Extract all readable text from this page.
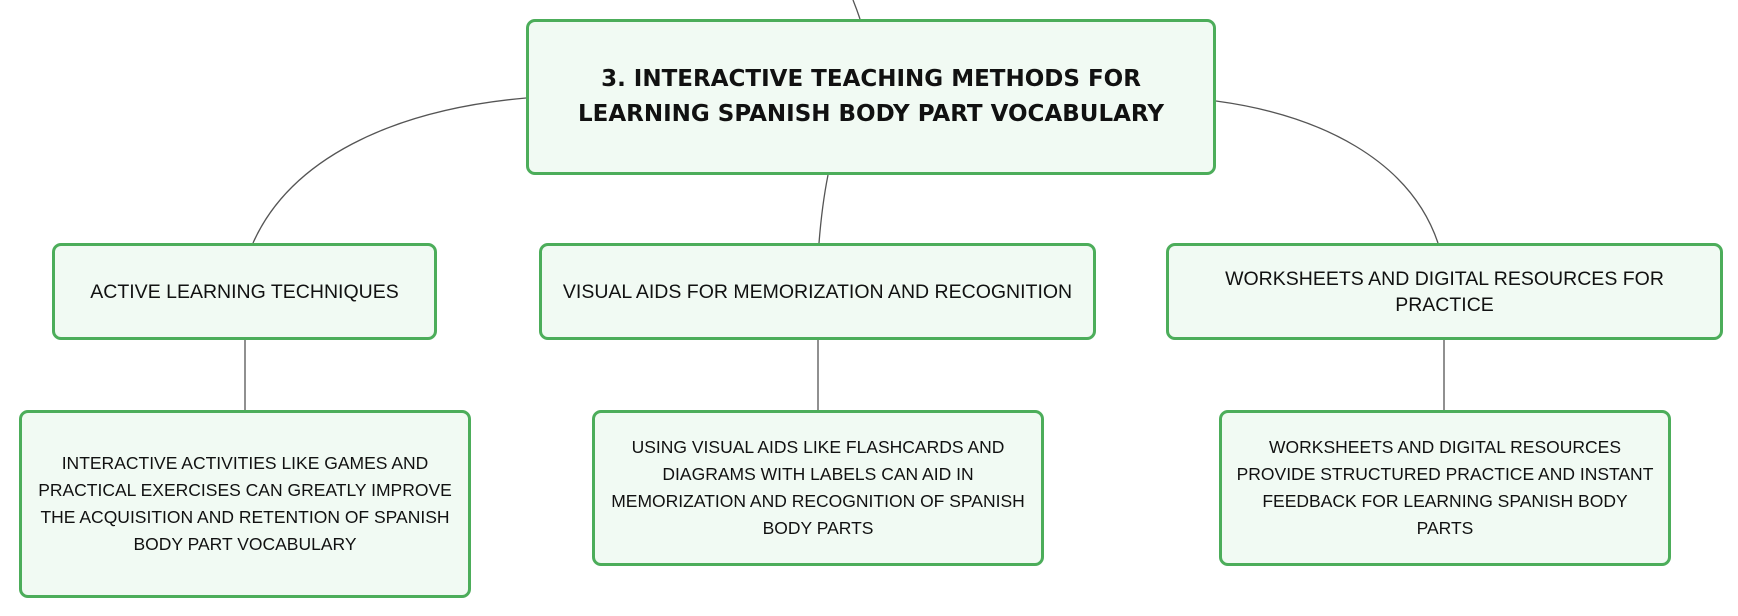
3. INTERACTIVE TEACHING METHODS FOR LEARNING SPANISH BODY PART VOCABULARY
ACTIVE LEARNING TECHNIQUES	VISUAL AIDS FOR MEMORIZATION AND RECOGNITION
WORKSHEETS AND DIGITAL RESOURCES FOR PRACTICE
INTERACTIVE ACTIVITIES LIKE GAMES AND PRACTICAL EXERCISES CAN GREATLY IMPROVE THE ACQUISITION AND RETENTION OF SPANISH BODY PART VOCABULARY
USING VISUAL AIDS LIKE FLASHCARDS AND DIAGRAMS WITH LABELS CAN AID IN MEMORIZATION AND RECOGNITION OF SPANISH BODY PARTS
WORKSHEETS AND DIGITAL RESOURCES PROVIDE STRUCTURED PRACTICE AND INSTANT FEEDBACK FOR LEARNING SPANISH BODY PARTS
